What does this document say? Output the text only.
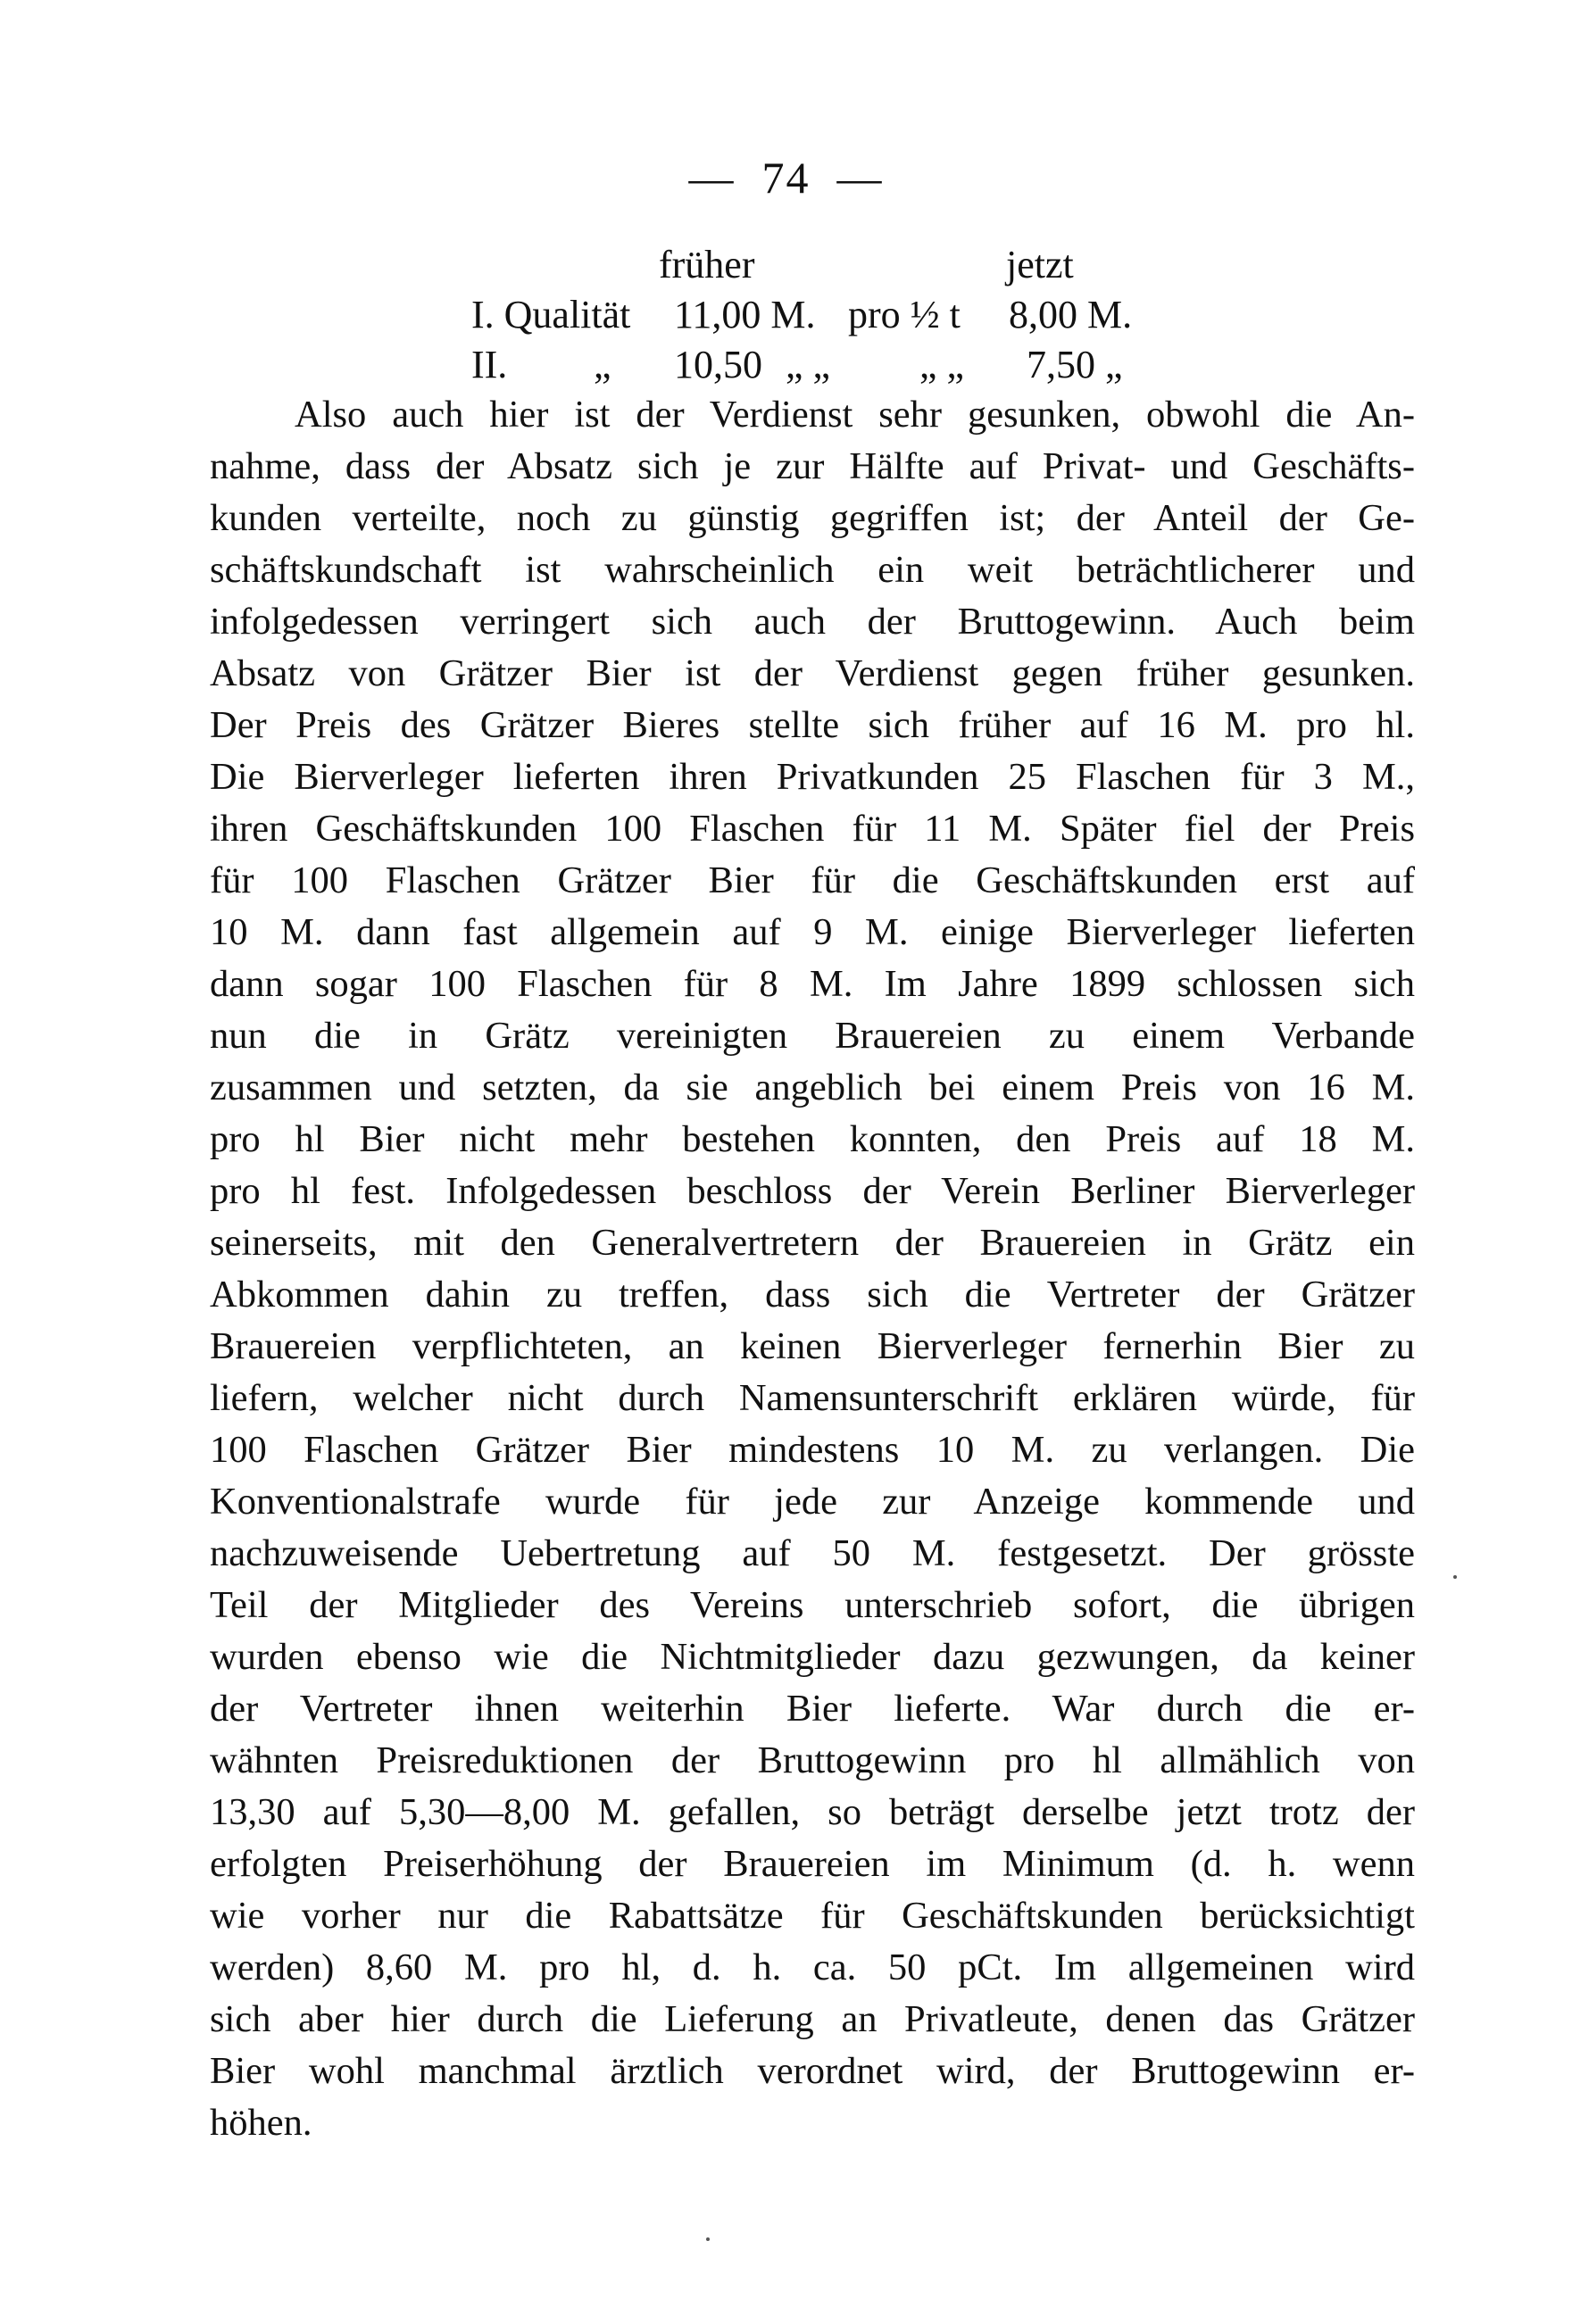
— 74 —
früher	jetzt
I. Qualität 11,00 M. pro ½ t 8,00 M.
II. „ 10,50 „ „ „ „ 7,50 „
Also auch hier ist der Verdienst sehr gesunken, obwohl die An-
nahme, dass der Absatz sich je zur Hälfte auf Privat- und Geschäfts-
kunden verteilte, noch zu günstig gegriffen ist; der Anteil der Ge-
schäftskundschaft ist wahrscheinlich ein weit beträchtlicherer und
infolgedessen verringert sich auch der Bruttogewinn. Auch beim
Absatz von Grätzer Bier ist der Verdienst gegen früher gesunken.
Der Preis des Grätzer Bieres stellte sich früher auf 16 M. pro hl.
Die Bierverleger lieferten ihren Privatkunden 25 Flaschen für 3 M.,
ihren Geschäftskunden 100 Flaschen für 11 M. Später fiel der Preis
für 100 Flaschen Grätzer Bier für die Geschäftskunden erst auf
10 M. dann fast allgemein auf 9 M. einige Bierverleger lieferten
dann sogar 100 Flaschen für 8 M. Im Jahre 1899 schlossen sich
nun die in Grätz vereinigten Brauereien zu einem Verbande
zusammen und setzten, da sie angeblich bei einem Preis von 16 M.
pro hl Bier nicht mehr bestehen konnten, den Preis auf 18 M.
pro hl fest. Infolgedessen beschloss der Verein Berliner Bierverleger
seinerseits, mit den Generalvertretern der Brauereien in Grätz ein
Abkommen dahin zu treffen, dass sich die Vertreter der Grätzer
Brauereien verpflichteten, an keinen Bierverleger fernerhin Bier zu
liefern, welcher nicht durch Namensunterschrift erklären würde, für
100 Flaschen Grätzer Bier mindestens 10 M. zu verlangen. Die
Konventionalstrafe wurde für jede zur Anzeige kommende und
nachzuweisende Uebertretung auf 50 M. festgesetzt. Der grösste
Teil der Mitglieder des Vereins unterschrieb sofort, die übrigen
wurden ebenso wie die Nichtmitglieder dazu gezwungen, da keiner
der Vertreter ihnen weiterhin Bier lieferte. War durch die er-
wähnten Preisreduktionen der Bruttogewinn pro hl allmählich von
13,30 auf 5,30—8,00 M. gefallen, so beträgt derselbe jetzt trotz der
erfolgten Preiserhöhung der Brauereien im Minimum (d. h. wenn
wie vorher nur die Rabattsätze für Geschäftskunden berücksichtigt
werden) 8,60 M. pro hl, d. h. ca. 50 pCt. Im allgemeinen wird
sich aber hier durch die Lieferung an Privatleute, denen das Grätzer
Bier wohl manchmal ärztlich verordnet wird, der Bruttogewinn er-
höhen.
